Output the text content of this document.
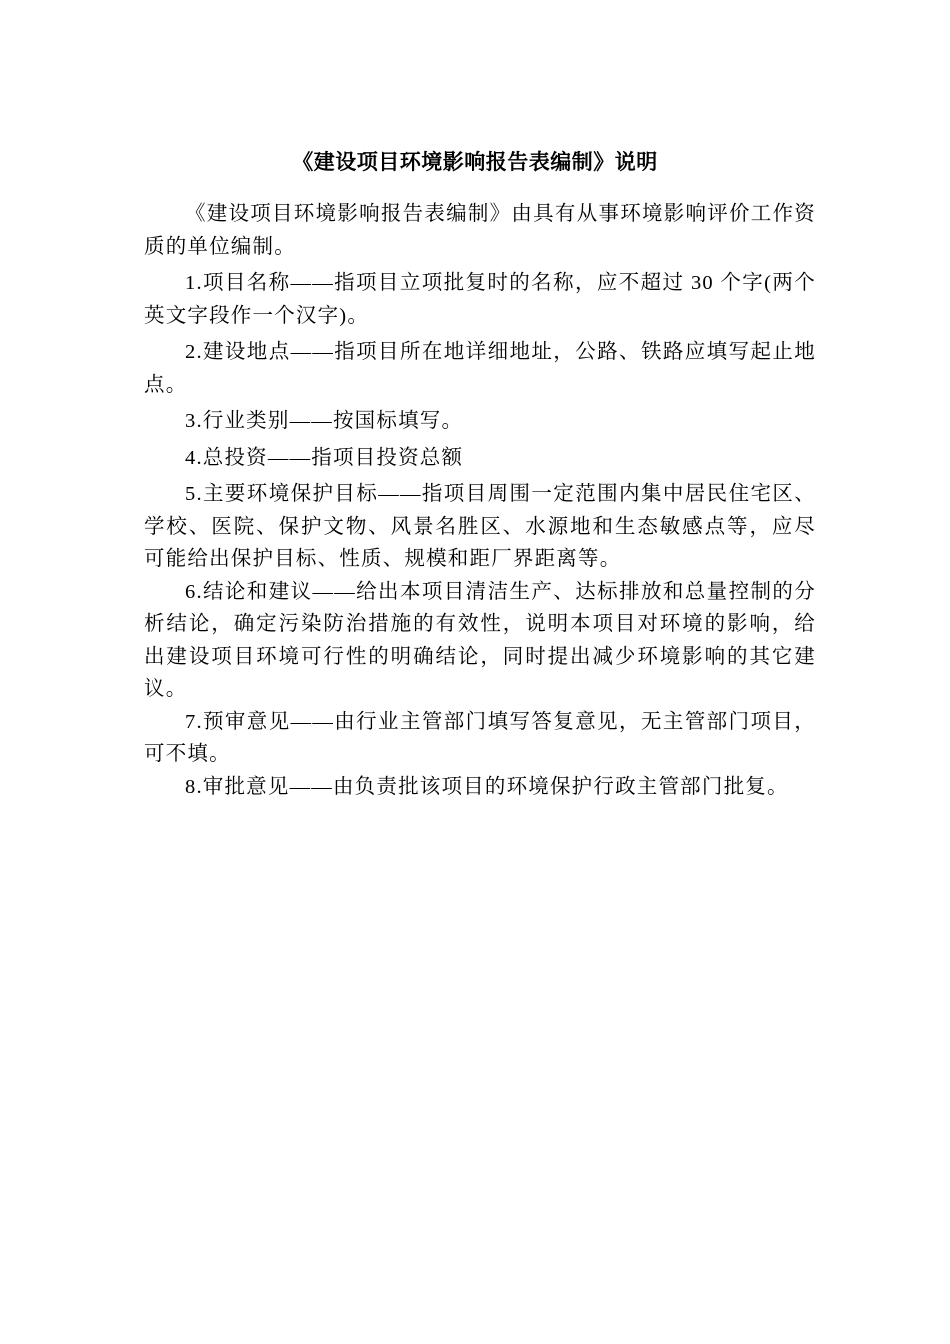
《建设项目环境影响报告表编制》说明

《建设项目环境影响报告表编制》由具有从事环境影响评价工作资质的单位编制。

1.项目名称——指项目立项批复时的名称，应不超过 30 个字(两个英文字段作一个汉字)。

2.建设地点——指项目所在地详细地址，公路、铁路应填写起止地点。

3.行业类别——按国标填写。

4.总投资——指项目投资总额

5.主要环境保护目标——指项目周围一定范围内集中居民住宅区、学校、医院、保护文物、风景名胜区、水源地和生态敏感点等，应尽可能给出保护目标、性质、规模和距厂界距离等。

6.结论和建议——给出本项目清洁生产、达标排放和总量控制的分析结论，确定污染防治措施的有效性，说明本项目对环境的影响，给出建设项目环境可行性的明确结论，同时提出减少环境影响的其它建议。

7.预审意见——由行业主管部门填写答复意见，无主管部门项目，可不填。

8.审批意见——由负责批该项目的环境保护行政主管部门批复。
